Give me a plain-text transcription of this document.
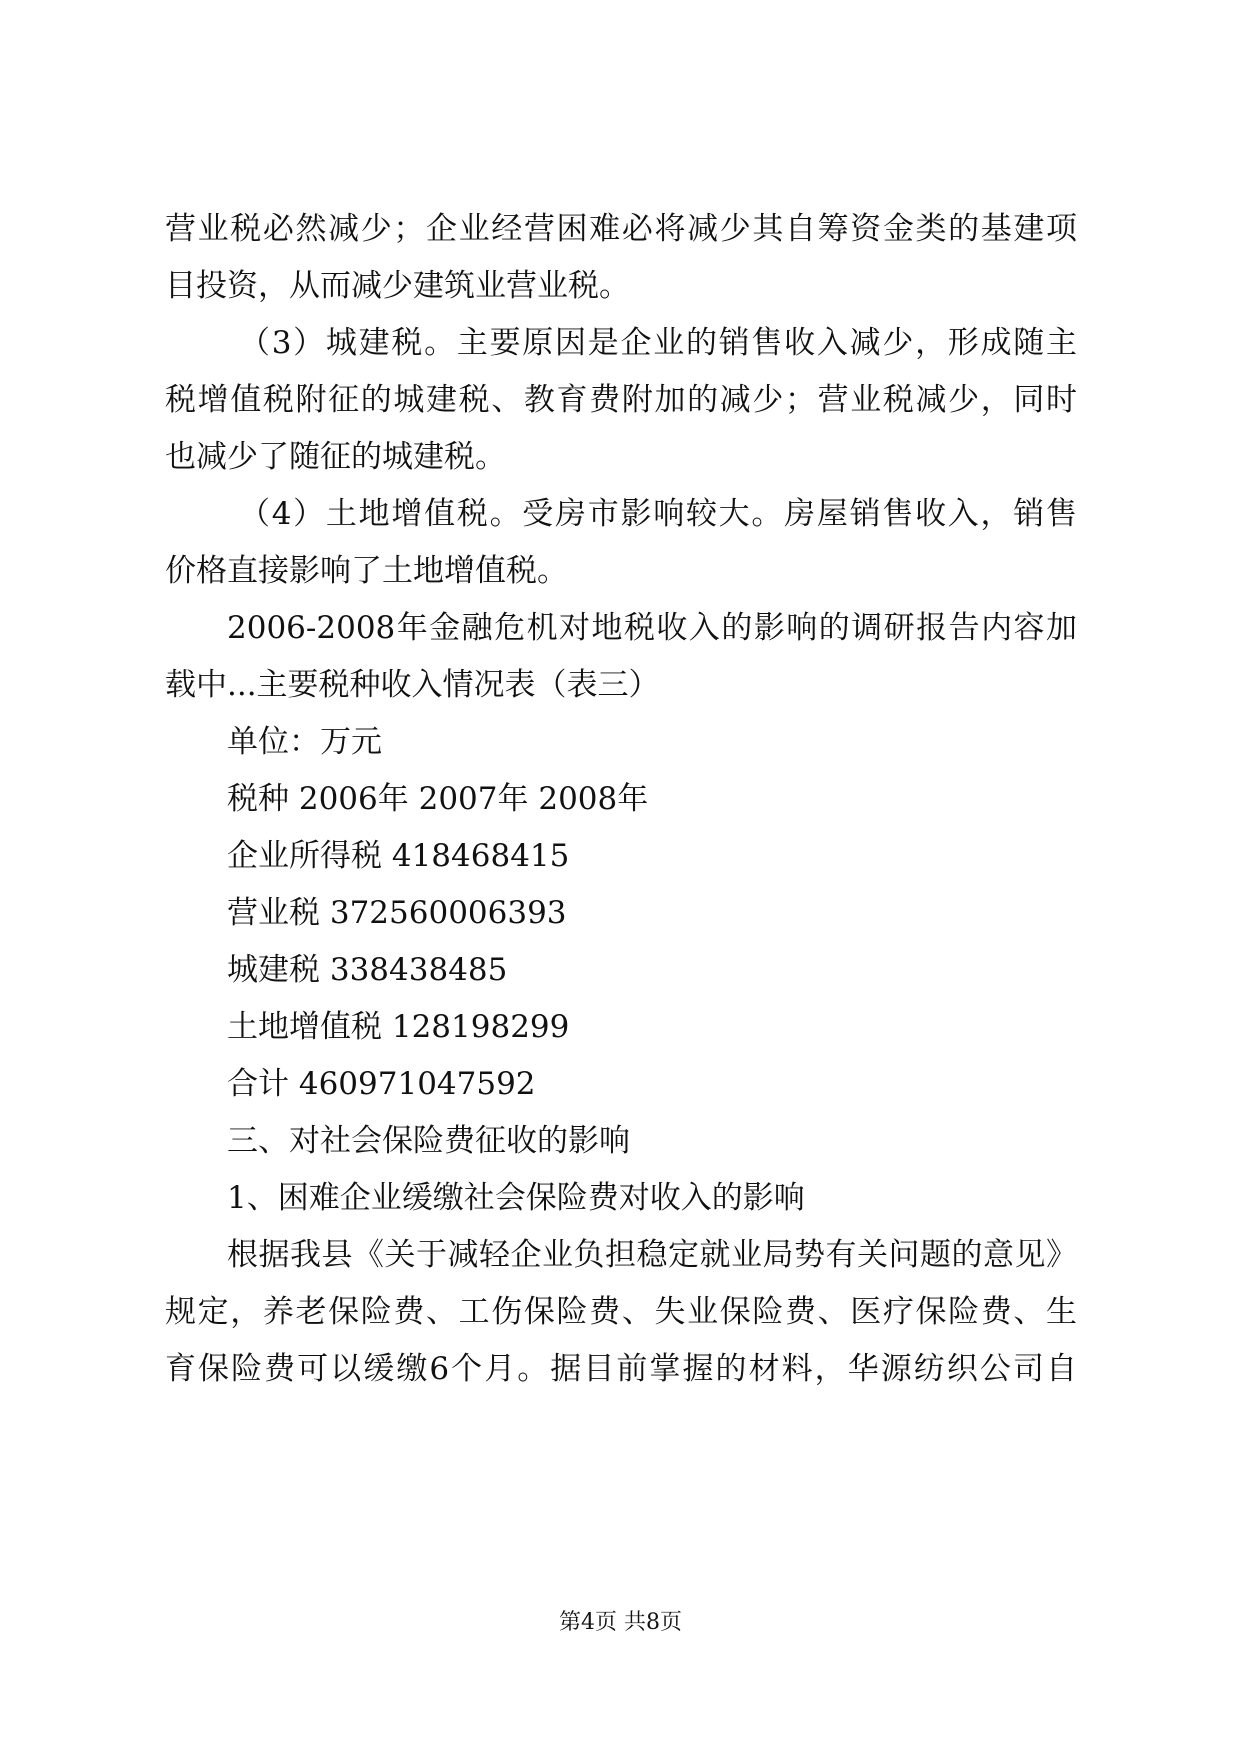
营业税必然减少；企业经营困难必将减少其自筹资金类的基建项
目投资，从而减少建筑业营业税。
（3）城建税。主要原因是企业的销售收入减少，形成随主
税增值税附征的城建税、教育费附加的减少；营业税减少，同时
也减少了随征的城建税。
（4）土地增值税。受房市影响较大。房屋销售收入，销售
价格直接影响了土地增值税。
2006-2008年金融危机对地税收入的影响的调研报告内容加
载中...主要税种收入情况表（表三）
单位：万元
税种 2006年 2007年 2008年
企业所得税 418468415
营业税 372560006393
城建税 338438485
土地增值税 128198299
合计 460971047592
三、对社会保险费征收的影响
1、困难企业缓缴社会保险费对收入的影响
根据我县《关于减轻企业负担稳定就业局势有关问题的意见》
规定，养老保险费、工伤保险费、失业保险费、医疗保险费、生
育保险费可以缓缴6个月。据目前掌握的材料，华源纺织公司自
第4页 共8页
